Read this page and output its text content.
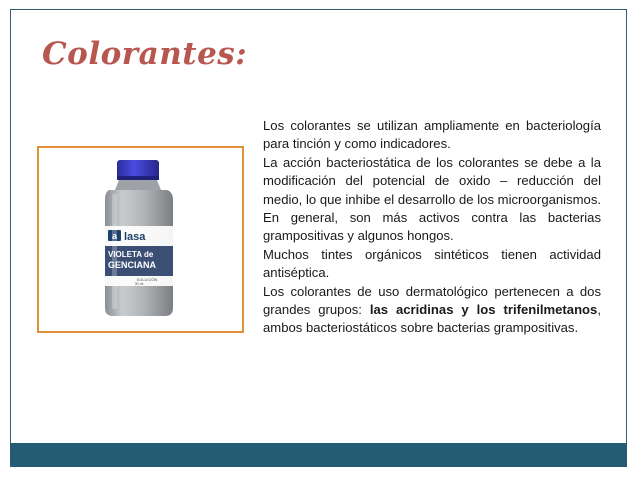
Colorantes:
a lasa
VIOLETA de
GENCIANA
SOLUCIÓN
30 ml

Los colorantes se utilizan ampliamente en bacteriología para tinción y como indicadores.

La acción bacteriostática de los colorantes se debe a la modificación del potencial de oxido – reducción del medio, lo que inhibe el desarrollo de los microorganismos. En general, son más activos contra las bacterias grampositivas y algunos hongos.

Muchos tintes orgánicos sintéticos tienen actividad antiséptica.

Los colorantes de uso dermatológico pertenecen a dos grandes grupos: las acridinas y los trifenilmetanos, ambos bacteriostáticos sobre bacterias grampositivas.
